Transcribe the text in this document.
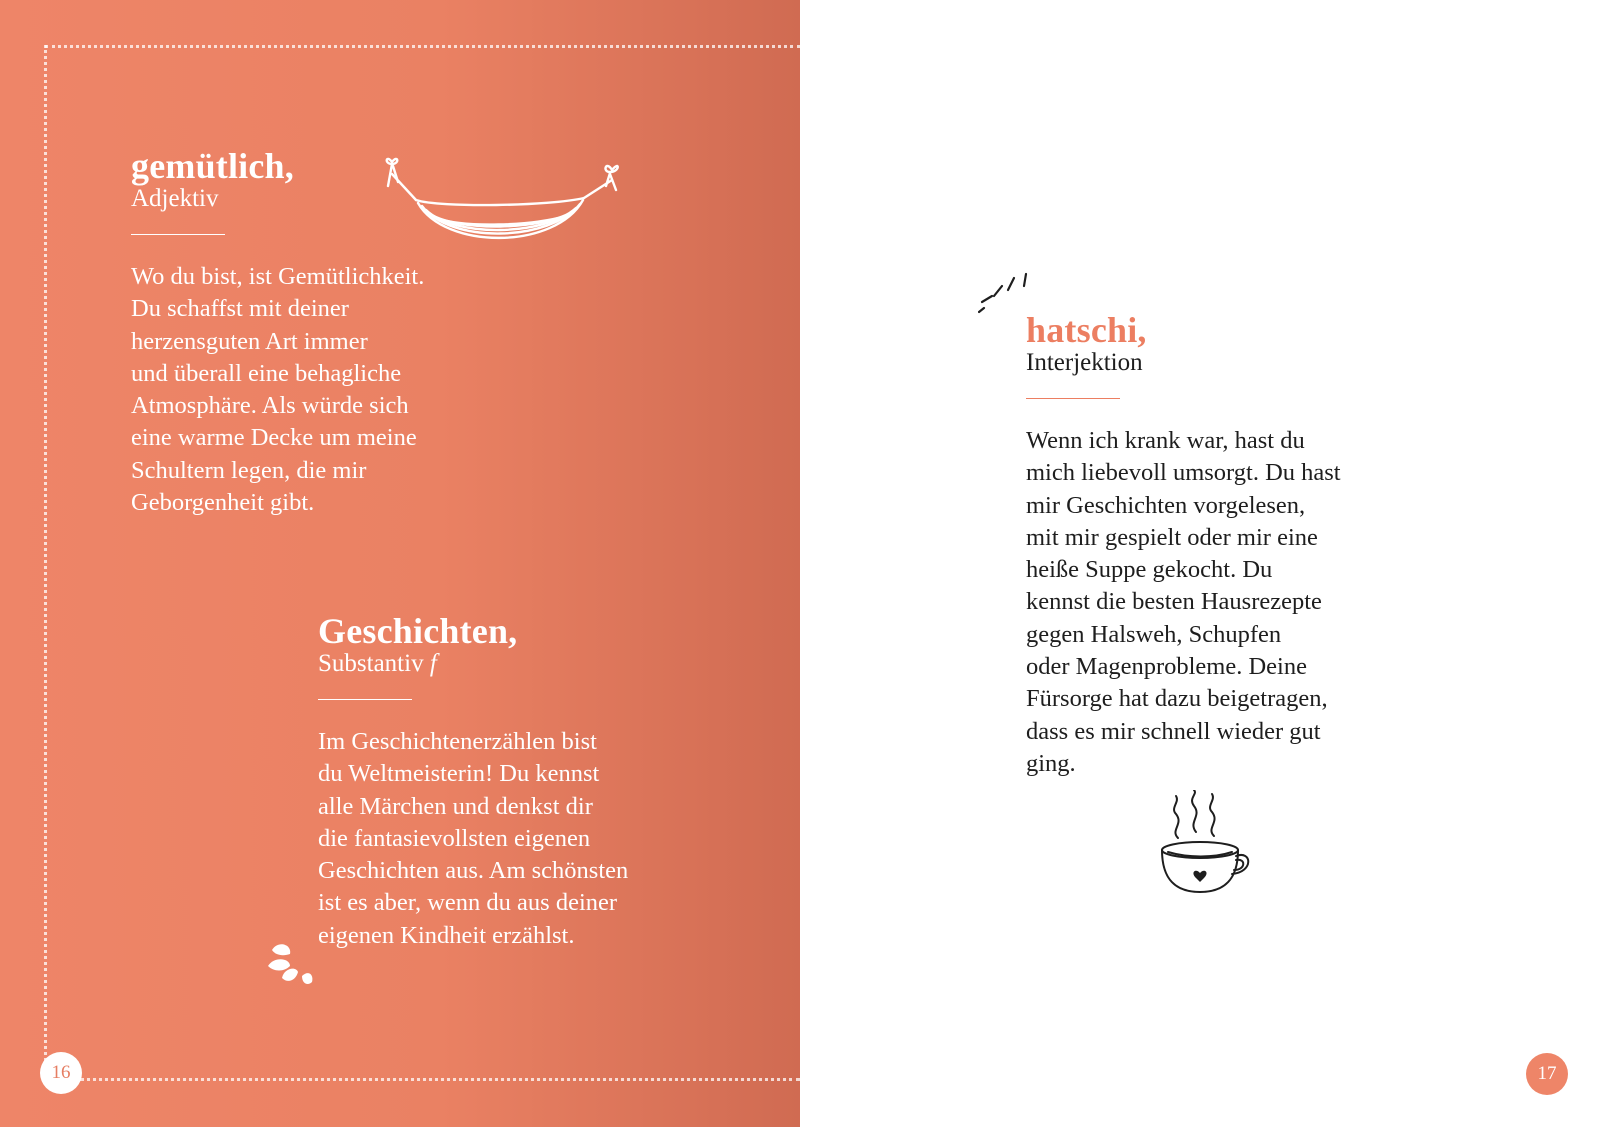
gemütlich,

Adjektiv

Wo du bist, ist Gemütlichkeit.
Du schaffst mit deiner
herzensguten Art immer
und überall eine behagliche
Atmosphäre. Als würde sich
eine warme Decke um meine
Schultern legen, die mir
Geborgenheit gibt.

Geschichten,

Substantiv f

Im Geschichtenerzählen bist
du Weltmeisterin! Du kennst
alle Märchen und denkst dir
die fantasievollsten eigenen
Geschichten aus. Am schönsten
ist es aber, wenn du aus deiner
eigenen Kindheit erzählst.
16

hatschi,

Interjektion

Wenn ich krank war, hast du
mich liebevoll umsorgt. Du hast
mir Geschichten vorgelesen,
mit mir gespielt oder mir eine
heiße Suppe gekocht. Du
kennst die besten Hausrezepte
gegen Halsweh, Schupfen
oder Magenprobleme. Deine
Fürsorge hat dazu beigetragen,
dass es mir schnell wieder gut
ging.
17
